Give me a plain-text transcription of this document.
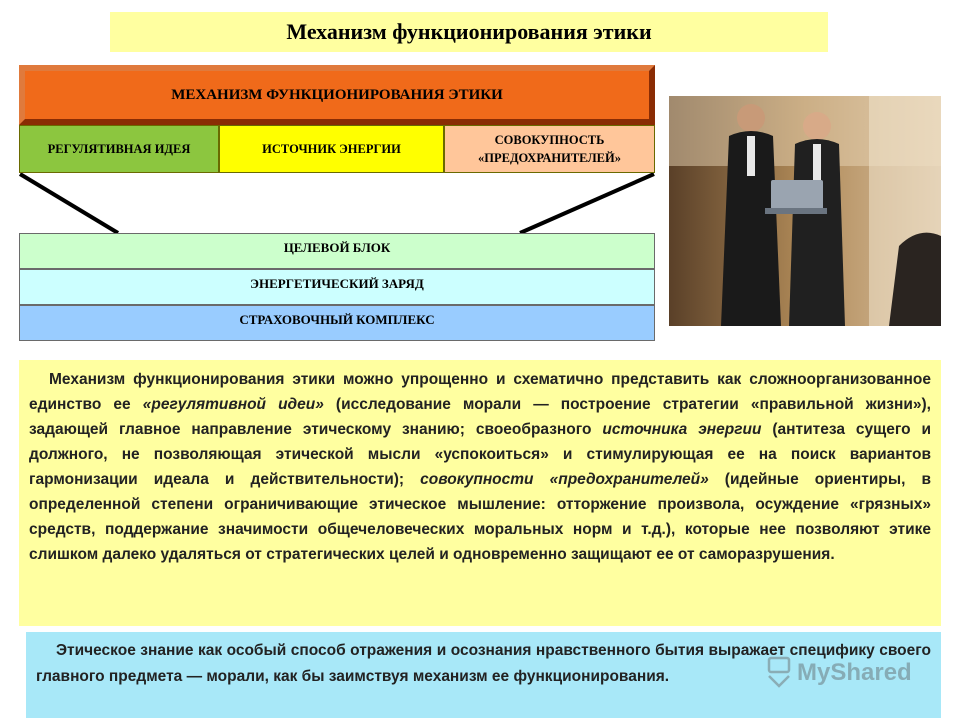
Механизм функционирования этики
МЕХАНИЗМ ФУНКЦИОНИРОВАНИЯ ЭТИКИ
РЕГУЛЯТИВНАЯ ИДЕЯ	ИСТОЧНИК ЭНЕРГИИ
СОВОКУПНОСТЬ
«ПРЕДОХРАНИТЕЛЕЙ»
ЦЕЛЕВОЙ БЛОК
ЭНЕРГЕТИЧЕСКИЙ ЗАРЯД
СТРАХОВОЧНЫЙ КОМПЛЕКС
Механизм функционирования этики можно упрощенно и схематично представить как сложноорганизованное единство ее «регулятивной идеи» (исследование морали — построение стратегии «правильной жизни»), задающей главное направление этическому знанию; своеобразного источника энергии (антитеза сущего и должного, не позволяющая этической мысли «успокоиться» и стимулирующая ее на поиск вариантов гармонизации идеала и действительности); совокупности «предохранителей» (идейные ориентиры, в определенной степени ограничивающие этическое мышление: отторжение произвола, осуждение «грязных» средств, поддержание значимости общечеловеческих моральных норм и т.д.), которые нее позволяют этике слишком далеко удаляться от стратегических целей и одновременно защищают ее от саморазрушения.
Этическое знание как особый способ отражения и осознания нравственного бытия выражает специфику своего главного предмета — морали, как бы заимствуя механизм ее функционирования.	MyShared
